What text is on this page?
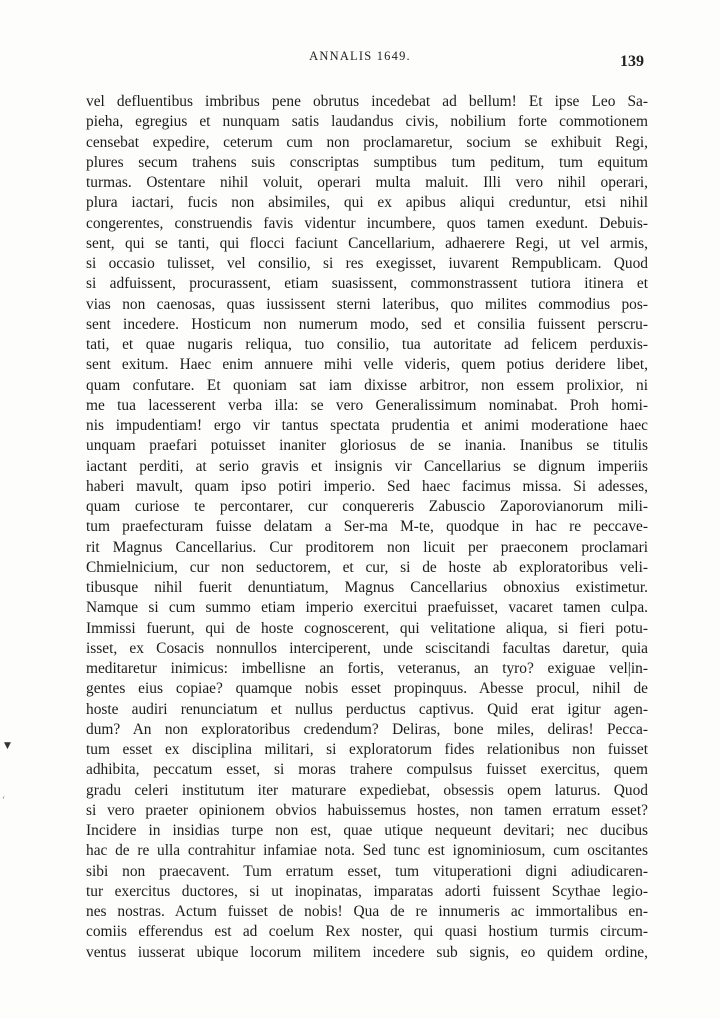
ANNALIS 1649.	139
vel defluentibus imbribus pene obrutus incedebat ad bellum! Et ipse Leo Sa-
pieha, egregius et nunquam satis laudandus civis, nobilium forte commotionem
censebat expedire, ceterum cum non proclamaretur, socium se exhibuit Regi,
plures secum trahens suis conscriptas sumptibus tum peditum, tum equitum
turmas. Ostentare nihil voluit, operari multa maluit. Illi vero nihil operari,
plura iactari, fucis non absimiles, qui ex apibus aliqui creduntur, etsi nihil
congerentes, construendis favis videntur incumbere, quos tamen exedunt. Debuis-
sent, qui se tanti, qui flocci faciunt Cancellarium, adhaerere Regi, ut vel armis,
si occasio tulisset, vel consilio, si res exegisset, iuvarent Rempublicam. Quod
si adfuissent, procurassent, etiam suasissent, commonstrassent tutiora itinera et
vias non caenosas, quas iussissent sterni lateribus, quo milites commodius pos-
sent incedere. Hosticum non numerum modo, sed et consilia fuissent perscru-
tati, et quae nugaris reliqua, tuo consilio, tua autoritate ad felicem perduxis-
sent exitum. Haec enim annuere mihi velle videris, quem potius deridere libet,
quam confutare. Et quoniam sat iam dixisse arbitror, non essem prolixior, ni
me tua lacesserent verba illa: se vero Generalissimum nominabat. Proh homi-
nis impudentiam! ergo vir tantus spectata prudentia et animi moderatione haec
unquam praefari potuisset inaniter gloriosus de se inania. Inanibus se titulis
iactant perditi, at serio gravis et insignis vir Cancellarius se dignum imperiis
haberi mavult, quam ipso potiri imperio. Sed haec facimus missa. Si adesses,
quam curiose te percontarer, cur conquereris Zabuscio Zaporovianorum mili-
tum praefecturam fuisse delatam a Ser-ma M-te, quodque in hac re peccave-
rit Magnus Cancellarius. Cur proditorem non licuit per praeconem proclamari
Chmielnicium, cur non seductorem, et cur, si de hoste ab exploratoribus veli-
tibusque nihil fuerit denuntiatum, Magnus Cancellarius obnoxius existimetur.
Namque si cum summo etiam imperio exercitui praefuisset, vacaret tamen culpa.
Immissi fuerunt, qui de hoste cognoscerent, qui velitatione aliqua, si fieri potu-
isset, ex Cosacis nonnullos interciperent, unde sciscitandi facultas daretur, quia
meditaretur inimicus: imbellisne an fortis, veteranus, an tyro? exiguae vel|in-
gentes eius copiae? quamque nobis esset propinquus. Abesse procul, nihil de
hoste audiri renunciatum et nullus perductus captivus. Quid erat igitur agen-
dum? An non exploratoribus credendum? Deliras, bone miles, deliras! Pecca-
tum esset ex disciplina militari, si exploratorum fides relationibus non fuisset
adhibita, peccatum esset, si moras trahere compulsus fuisset exercitus, quem
gradu celeri institutum iter maturare expediebat, obsessis opem laturus. Quod
si vero praeter opinionem obvios habuissemus hostes, non tamen erratum esset?
Incidere in insidias turpe non est, quae utique nequeunt devitari; nec ducibus
hac de re ulla contrahitur infamiae nota. Sed tunc est ignominiosum, cum oscitantes
sibi non praecavent. Tum erratum esset, tum vituperationi digni adiudicaren-
tur exercitus ductores, si ut inopinatas, imparatas adorti fuissent Scythae legio-
nes nostras. Actum fuisset de nobis! Qua de re innumeris ac immortalibus en-
comiis efferendus est ad coelum Rex noster, qui quasi hostium turmis circum-
ventus iusserat ubique locorum militem incedere sub signis, eo quidem ordine,
▼
‘
